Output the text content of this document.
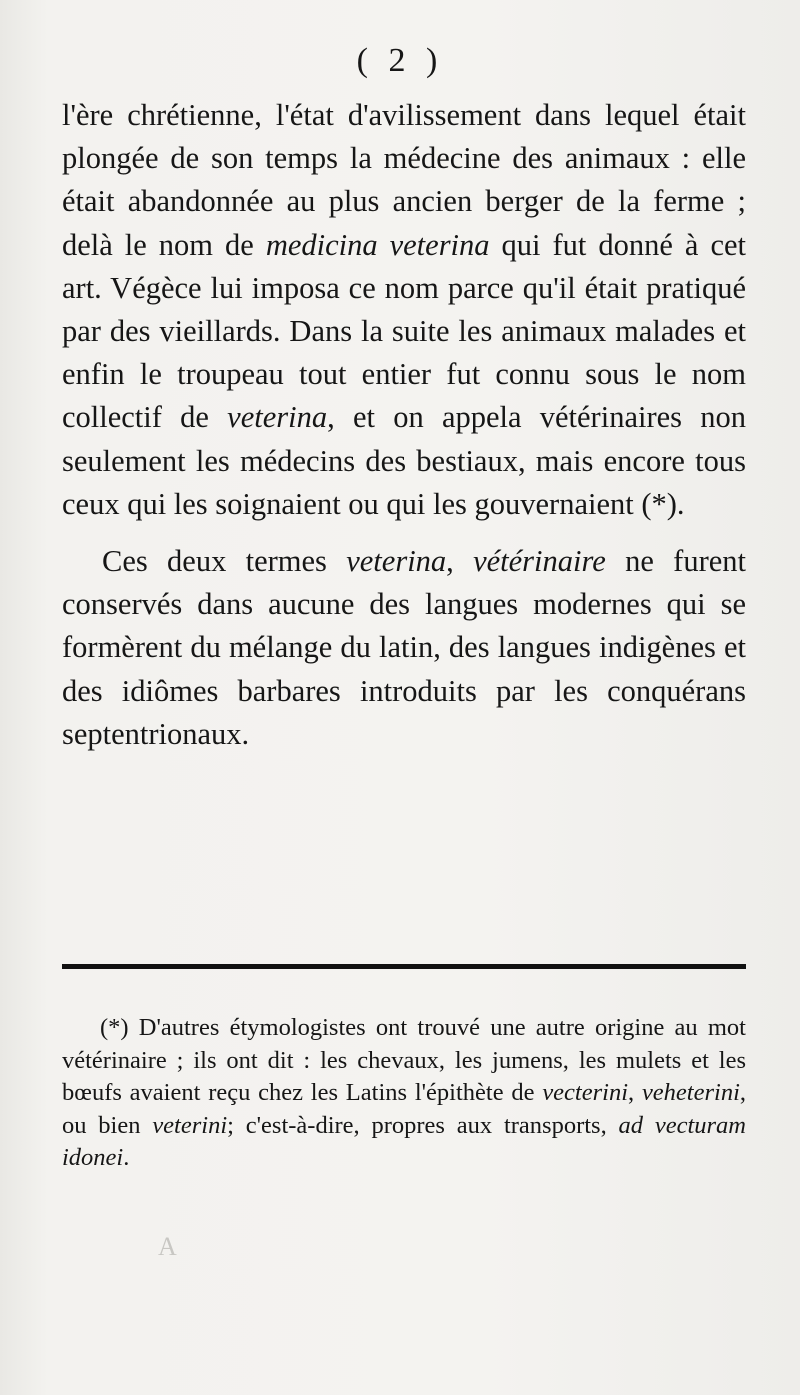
( 2 )

l'ère chrétienne, l'état d'avilissement dans lequel était plongée de son temps la médecine des animaux : elle était abandonnée au plus ancien berger de la ferme ; delà le nom de medicina veterina qui fut donné à cet art. Végèce lui imposa ce nom parce qu'il était pratiqué par des vieillards. Dans la suite les animaux malades et enfin le troupeau tout entier fut connu sous le nom collectif de veterina, et on appela vétérinaires non seulement les médecins des bestiaux, mais encore tous ceux qui les soignaient ou qui les gouvernaient (*).

Ces deux termes veterina, vétérinaire ne furent conservés dans aucune des langues modernes qui se formèrent du mélange du latin, des langues indigènes et des idiômes barbares introduits par les conquérans septentrionaux.

(*) D'autres étymologistes ont trouvé une autre origine au mot vétérinaire ; ils ont dit : les chevaux, les jumens, les mulets et les bœufs avaient reçu chez les Latins l'épithète de vecterini, veheterini, ou bien veterini; c'est-à-dire, propres aux transports, ad vecturam idonei.

A
